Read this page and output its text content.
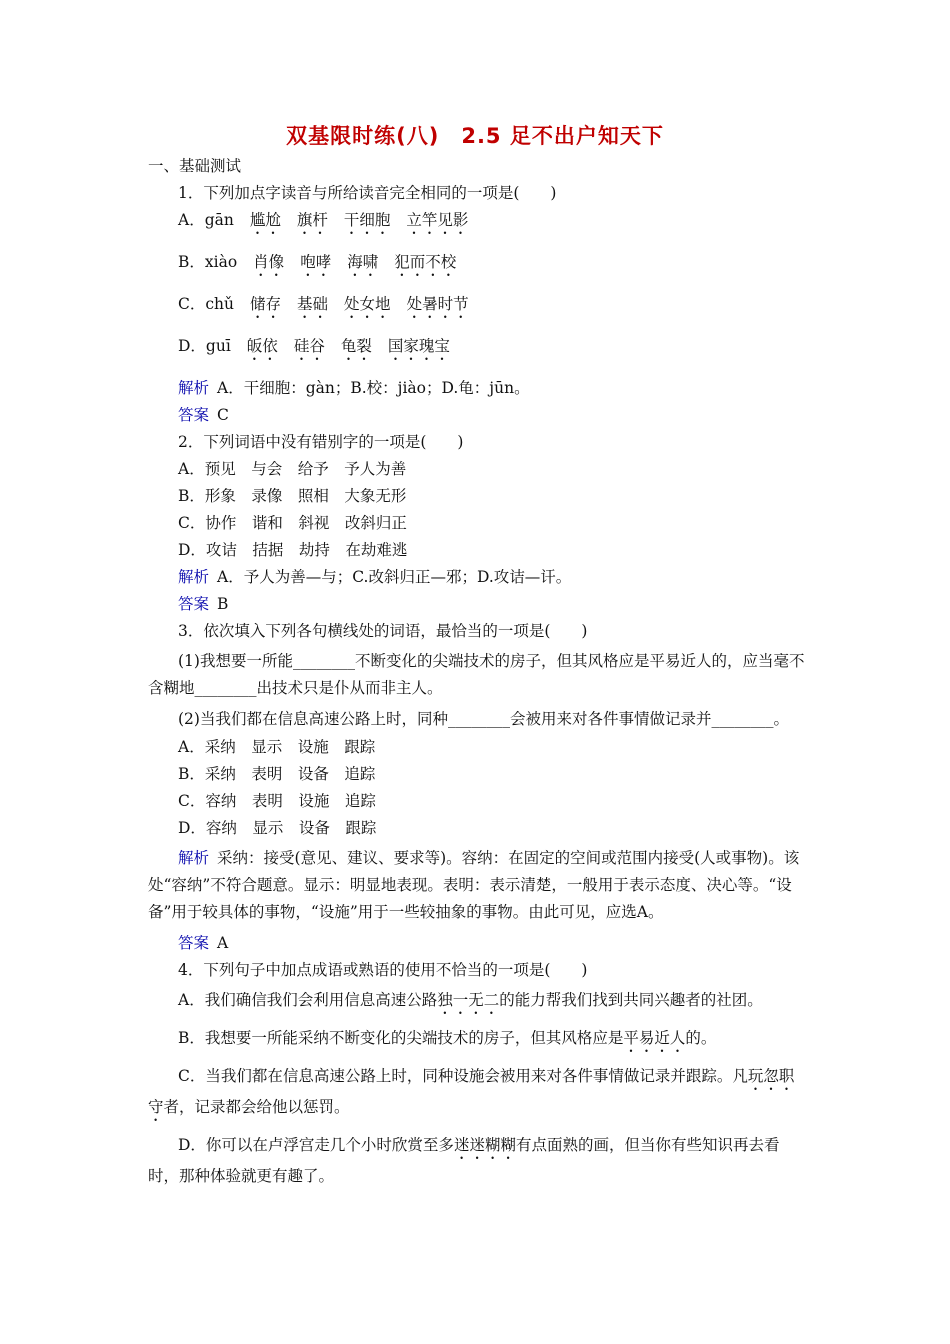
双基限时练(八)　2.5 足不出户知天下
一、基础测试
1．下列加点字读音与所给读音完全相同的一项是(　　)
A．gān 尴尬 旗杆 干细胞 立竿见影
B．xiào 肖像 咆哮 海啸 犯而不校
C．chǔ 储存 基础 处女地 处暑时节
D．guī 皈依 硅谷 龟裂 国家瑰宝
解析 A．干细胞：gàn；B.校：jiào；D.龟：jūn。
答案 C
2．下列词语中没有错别字的一项是(　　)
A．预见　与会　给予　予人为善
B．形象　录像　照相　大象无形
C．协作　谐和　斜视　改斜归正
D．攻诘　拮据　劫持　在劫难逃
解析 A．予人为善—与；C.改斜归正—邪；D.攻诘—讦。
答案 B
3．依次填入下列各句横线处的词语，最恰当的一项是(　　)
(1)我想要一所能________不断变化的尖端技术的房子，但其风格应是平易近人的，应当毫不含糊地________出技术只是仆从而非主人。
(2)当我们都在信息高速公路上时，同种________会被用来对各件事情做记录并________。
A．采纳　显示　设施　跟踪
B．采纳　表明　设备　追踪
C．容纳　表明　设施　追踪
D．容纳　显示　设备　跟踪
解析 采纳：接受(意见、建议、要求等)。容纳：在固定的空间或范围内接受(人或事物)。该处“容纳”不符合题意。显示：明显地表现。表明：表示清楚，一般用于表示态度、决心等。“设备”用于较具体的事物，“设施”用于一些较抽象的事物。由此可见，应选A。
答案 A
4．下列句子中加点成语或熟语的使用不恰当的一项是(　　)
A．我们确信我们会利用信息高速公路独一无二的能力帮我们找到共同兴趣者的社团。
B．我想要一所能采纳不断变化的尖端技术的房子，但其风格应是平易近人的。
C．当我们都在信息高速公路上时，同种设施会被用来对各件事情做记录并跟踪。凡玩忽职守者，记录都会给他以惩罚。
D．你可以在卢浮宫走几个小时欣赏至多迷迷糊糊有点面熟的画，但当你有些知识再去看时，那种体验就更有趣了。
